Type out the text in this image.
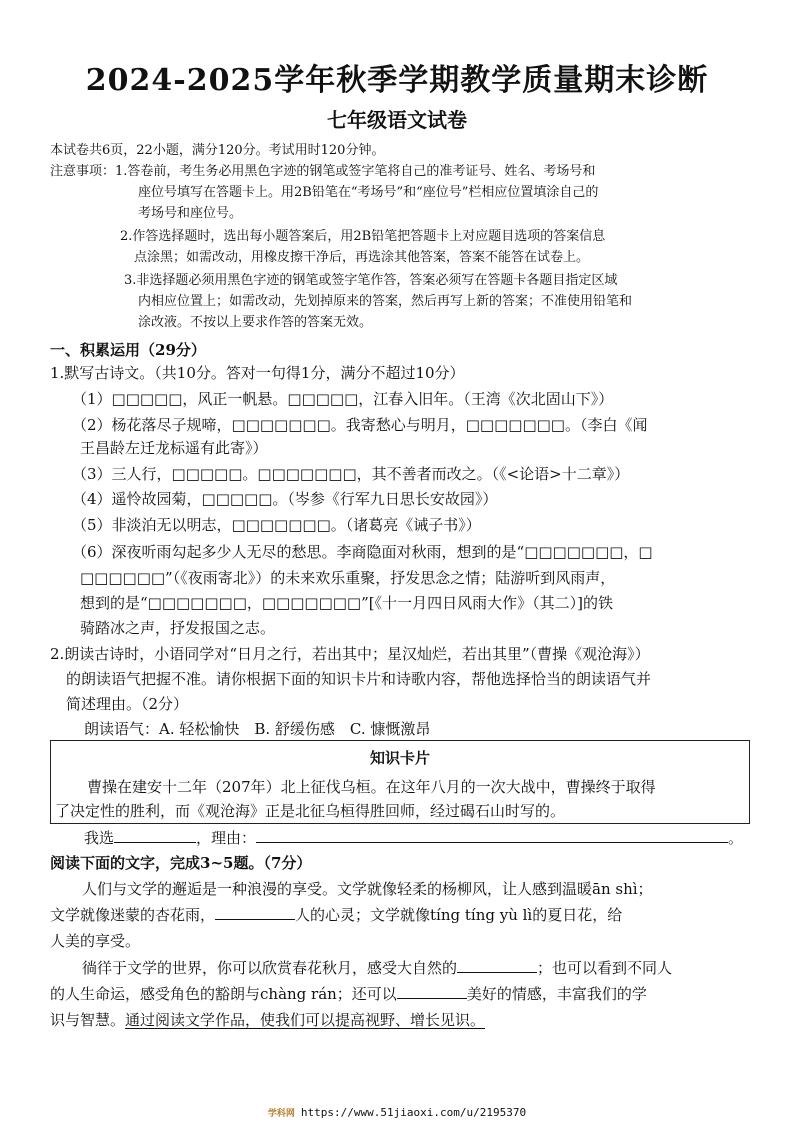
2024-2025学年秋季学期教学质量期末诊断
七年级语文试卷
本试卷共6页，22小题，满分120分。考试用时120分钟。
注意事项：1.答卷前，考生务必用黑色字迹的钢笔或签字笔将自己的准考证号、姓名、考场号和
座位号填写在答题卡上。用2B铅笔在“考场号”和“座位号”栏相应位置填涂自己的
考场号和座位号。
2.作答选择题时，选出每小题答案后，用2B铅笔把答题卡上对应题目选项的答案信息
点涂黑；如需改动，用橡皮擦干净后，再选涂其他答案，答案不能答在试卷上。
3.非选择题必须用黑色字迹的钢笔或签字笔作答，答案必须写在答题卡各题目指定区域
内相应位置上；如需改动，先划掉原来的答案，然后再写上新的答案；不准使用铅笔和
涂改液。不按以上要求作答的答案无效。
一、积累运用（29分）
1.默写古诗文。（共10分。答对一句得1分，满分不超过10分）
（1）□□□□□，风正一帆悬。□□□□□，江春入旧年。（王湾《次北固山下》）
（2）杨花落尽子规啼，□□□□□□□。我寄愁心与明月，□□□□□□□。（李白《闻
王昌龄左迁龙标遥有此寄》）
（3）三人行，□□□□□。□□□□□□□，其不善者而改之。（《<论语>十二章》）
（4）遥怜故园菊，□□□□□。（岑参《行军九日思长安故园》）
（5）非淡泊无以明志，□□□□□□□。（诸葛亮《诫子书》）
（6）深夜听雨勾起多少人无尽的愁思。李商隐面对秋雨，想到的是“□□□□□□□，□
□□□□□□”（《夜雨寄北》）的未来欢乐重聚，抒发思念之情；陆游听到风雨声，
想到的是“□□□□□□□，□□□□□□□”[《十一月四日风雨大作》（其二）]的铁
骑踏冰之声，抒发报国之志。
2.朗读古诗时，小语同学对“日月之行，若出其中；星汉灿烂，若出其里”（曹操《观沧海》）
的朗读语气把握不准。请你根据下面的知识卡片和诗歌内容，帮他选择恰当的朗读语气并
简述理由。（2分）
朗读语气：A. 轻松愉快　B. 舒缓伤感　C. 慷慨激昂
知识卡片
曹操在建安十二年（207年）北上征伐乌桓。在这年八月的一次大战中，曹操终于取得
了决定性的胜利，而《观沧海》正是北征乌桓得胜回师，经过碣石山时写的。
我选	，理由：	。
阅读下面的文字，完成3~5题。（7分）
人们与文学的邂逅是一种浪漫的享受。文学就像轻柔的杨柳风，让人感到温暖ān shì；
文学就像迷蒙的杏花雨，	人的心灵；文学就像tíng tíng yù lì的夏日花，给
人美的享受。
徜徉于文学的世界，你可以欣赏春花秋月，感受大自然的	；也可以看到不同人
的人生命运，感受角色的豁朗与chàng rán；还可以	美好的情感，丰富我们的学
识与智慧。通过阅读文学作品，使我们可以提高视野、增长见识。
学科网 https://www.51jiaoxi.com/u/2195370
